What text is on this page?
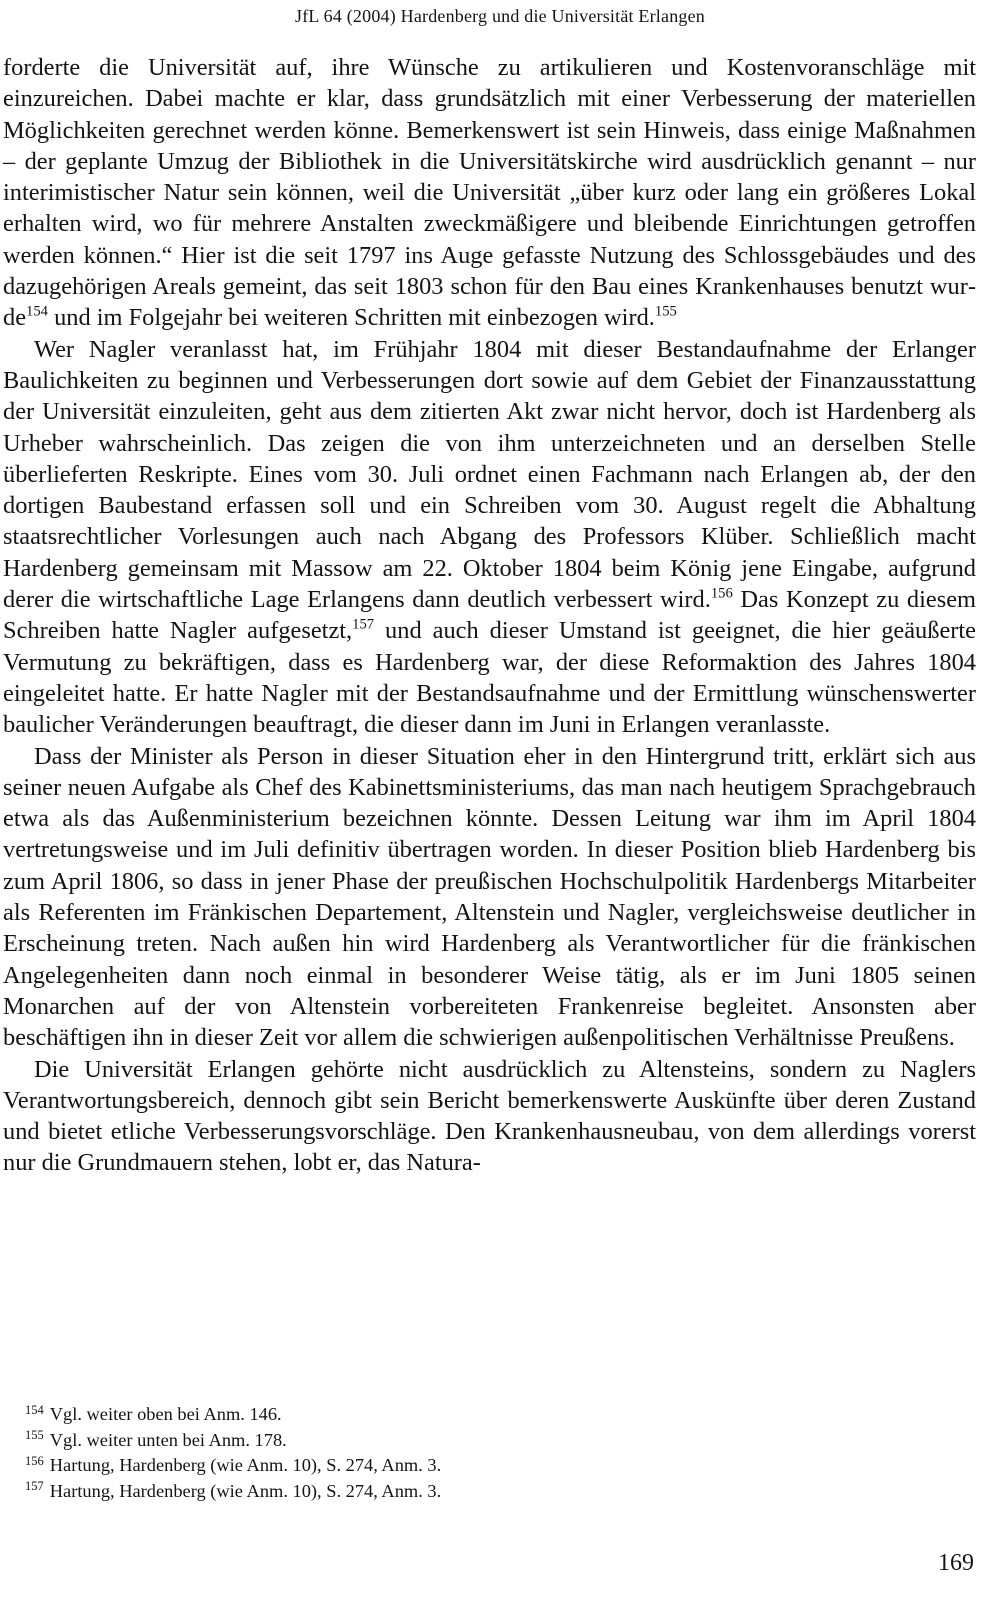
JfL 64 (2004) Hardenberg und die Universität Erlangen

forderte die Universität auf, ihre Wünsche zu artikulieren und Kostenvoranschläge mit einzureichen. Dabei machte er klar, dass grundsätzlich mit einer Verbesserung der materiellen Möglichkeiten gerechnet werden könne. Bemerkenswert ist sein Hinweis, dass einige Maßnahmen – der geplante Umzug der Bibliothek in die Universitätskirche wird ausdrücklich genannt – nur interimistischer Natur sein können, weil die Universität „über kurz oder lang ein größeres Lokal erhalten wird, wo für mehrere Anstalten zweckmäßigere und bleibende Einrichtungen getroffen werden können.“ Hier ist die seit 1797 ins Auge gefasste Nutzung des Schlossgebäudes und des dazugehörigen Areals gemeint, das seit 1803 schon für den Bau eines Krankenhauses benutzt wurde$^{154}$ und im Folgejahr bei weiteren Schritten mit einbezogen wird.$^{155}$

Wer Nagler veranlasst hat, im Frühjahr 1804 mit dieser Bestandaufnahme der Erlanger Baulichkeiten zu beginnen und Verbesserungen dort sowie auf dem Gebiet der Finanzausstattung der Universität einzuleiten, geht aus dem zitierten Akt zwar nicht hervor, doch ist Hardenberg als Urheber wahrscheinlich. Das zeigen die von ihm unterzeichneten und an derselben Stelle überlieferten Reskripte. Eines vom 30. Juli ordnet einen Fachmann nach Erlangen ab, der den dortigen Baubestand erfassen soll und ein Schreiben vom 30. August regelt die Abhaltung staatsrechtlicher Vorlesungen auch nach Abgang des Professors Klüber. Schließlich macht Hardenberg gemeinsam mit Massow am 22. Oktober 1804 beim König jene Eingabe, aufgrund derer die wirtschaftliche Lage Erlangens dann deutlich verbessert wird.$^{156}$ Das Konzept zu diesem Schreiben hatte Nagler aufgesetzt,$^{157}$ und auch dieser Umstand ist geeignet, die hier geäußerte Vermutung zu bekräftigen, dass es Hardenberg war, der diese Reformaktion des Jahres 1804 eingeleitet hatte. Er hatte Nagler mit der Bestandsaufnahme und der Ermittlung wünschenswerter baulicher Veränderungen beauftragt, die dieser dann im Juni in Erlangen veranlasste.

Dass der Minister als Person in dieser Situation eher in den Hintergrund tritt, erklärt sich aus seiner neuen Aufgabe als Chef des Kabinettsministeriums, das man nach heutigem Sprachgebrauch etwa als das Außenministerium bezeichnen könnte. Dessen Leitung war ihm im April 1804 vertretungsweise und im Juli definitiv übertragen worden. In dieser Position blieb Hardenberg bis zum April 1806, so dass in jener Phase der preußischen Hochschulpolitik Hardenbergs Mitarbeiter als Referenten im Fränkischen Departement, Altenstein und Nagler, vergleichsweise deutlicher in Erscheinung treten. Nach außen hin wird Hardenberg als Verantwortlicher für die fränkischen Angelegenheiten dann noch einmal in besonderer Weise tätig, als er im Juni 1805 seinen Monarchen auf der von Altenstein vorbereiteten Frankenreise begleitet. Ansonsten aber beschäftigen ihn in dieser Zeit vor allem die schwierigen außenpolitischen Verhältnisse Preußens.

Die Universität Erlangen gehörte nicht ausdrücklich zu Altensteins, sondern zu Naglers Verantwortungsbereich, dennoch gibt sein Bericht bemerkenswerte Auskünfte über deren Zustand und bietet etliche Verbesserungsvorschläge. Den Krankenhausneubau, von dem allerdings vorerst nur die Grundmauern stehen, lobt er, das Natura-

$^{154}$ Vgl. weiter oben bei Anm. 146.
$^{155}$ Vgl. weiter unten bei Anm. 178.
$^{156}$ Hartung, Hardenberg (wie Anm. 10), S. 274, Anm. 3.
$^{157}$ Hartung, Hardenberg (wie Anm. 10), S. 274, Anm. 3.
169
